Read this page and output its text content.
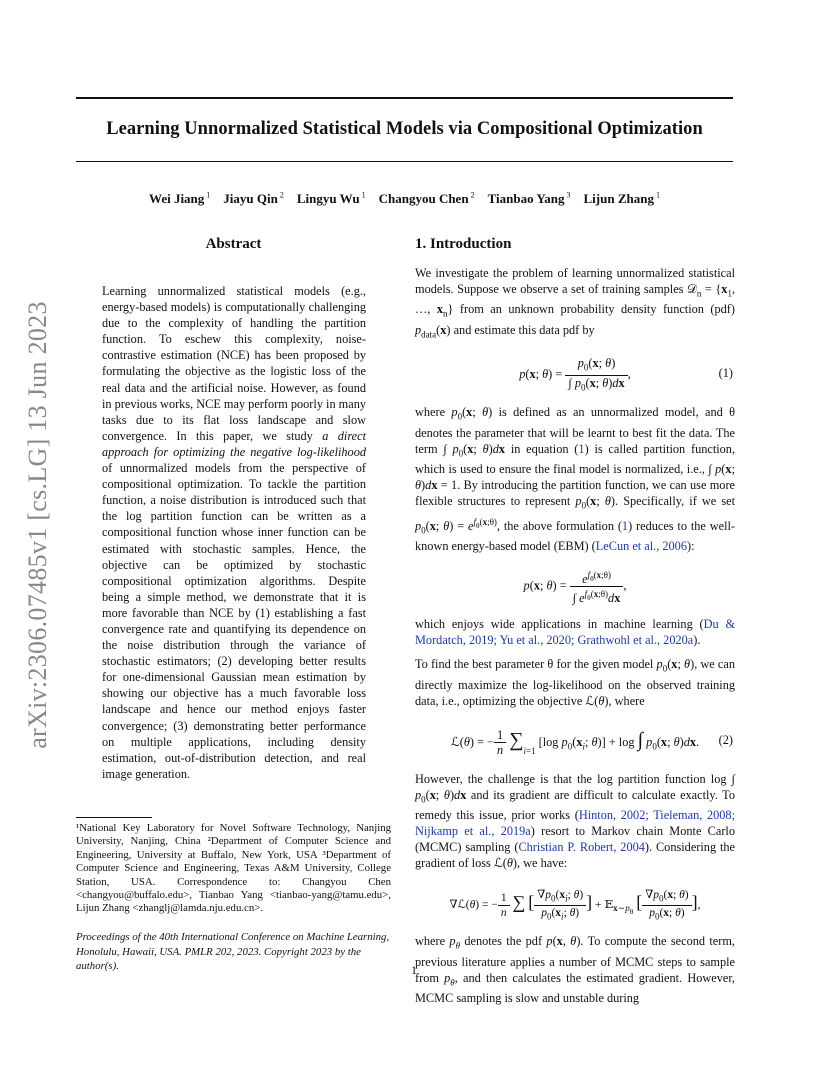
Learning Unnormalized Statistical Models via Compositional Optimization
Wei Jiang $^1$  Jiayu Qin $^2$  Lingyu Wu $^1$  Changyou Chen $^2$  Tianbao Yang $^3$  Lijun Zhang $^1$
arXiv:2306.07485v1 [cs.LG] 13 Jun 2023
Abstract

Learning unnormalized statistical models (e.g., energy-based models) is computationally challenging due to the complexity of handling the partition function. To eschew this complexity, noise-contrastive estimation (NCE) has been proposed by formulating the objective as the logistic loss of the real data and the artificial noise. However, as found in previous works, NCE may perform poorly in many tasks due to its flat loss landscape and slow convergence. In this paper, we study a direct approach for optimizing the negative log-likelihood of unnormalized models from the perspective of compositional optimization. To tackle the partition function, a noise distribution is introduced such that the log partition function can be written as a compositional function whose inner function can be estimated with stochastic samples. Hence, the objective can be optimized by stochastic compositional optimization algorithms. Despite being a simple method, we demonstrate that it is more favorable than NCE by (1) establishing a fast convergence rate and quantifying its dependence on the noise distribution through the variance of stochastic estimators; (2) developing better results for one-dimensional Gaussian mean estimation by showing our objective has a much favorable loss landscape and hence our method enjoys faster convergence; (3) demonstrating better performance on multiple applications, including density estimation, out-of-distribution detection, and real image generation.

¹National Key Laboratory for Novel Software Technology, Nanjing University, Nanjing, China ²Department of Computer Science and Engineering, University at Buffalo, New York, USA ³Department of Computer Science and Engineering, Texas A&M University, College Station, USA. Correspondence to: Changyou Chen <changyou@buffalo.edu>, Tianbao Yang <tianbao-yang@tamu.edu>, Lijun Zhang <zhanglj@lamda.nju.edu.cn>.
Proceedings of the 40th International Conference on Machine Learning, Honolulu, Hawaii, USA. PMLR 202, 2023. Copyright 2023 by the author(s).
1. Introduction

We investigate the problem of learning unnormalized statistical models. Suppose we observe a set of training samples 𝒟$_n$ = {$x_1$, …, $x_n$} from an unknown probability density function (pdf) $p_{data}(x)$ and estimate this data pdf by

p(x; $\theta) = \frac{p_0(x; \theta)}{\int p_0(x; \theta)dx}$ ,	(1)

where $p_0(x$; θ) is defined as an unnormalized model, and θ denotes the parameter that will be learnt to best fit the data. The term ∫ $p_0(x$; θ)dx in equation (1) is called partition function, which is used to ensure the final model is normalized, i.e., ∫ p(x; θ)dx = 1. By introducing the partition function, we can use more flexible structures to represent $p_0(x$; θ). Specifically, if we set $p_0(x$; $\theta) = e^{f_\theta(x;\theta)}$, the above formulation (1) reduces to the well-known energy-based model (EBM) (LeCun et al., 2006):

p(x; $\theta) = \frac{e^{f_\theta(x;\theta)}}{\int e^{f_\theta(x;\theta)}dx}$ ,

which enjoys wide applications in machine learning (Du & Mordatch, 2019; Yu et al., 2020; Grathwohl et al., 2020a).

To find the best parameter θ for the given model $p_0(x$; θ), we can directly maximize the log-likelihood on the observed training data, i.e., optimizing the objective ℒ(θ), where

ℒ(θ) = − $\frac{1}{n} \sum_{i=1}$ [log $p_0(x_i$; θ)] + log ∫ $p_0(x$; θ)dx. (2)

However, the challenge is that the log partition function log ∫ $p_0(x$; θ)dx and its gradient are difficult to calculate exactly. To remedy this issue, prior works (Hinton, 2002; Tieleman, 2008; Nijkamp et al., 2019a) resort to Markov chain Monte Carlo (MCMC) sampling (Christian P. Robert, 2004). Considering the gradient of loss ℒ(θ), we have:

∇ℒ(θ) = − $\frac{1}{n}$ ∑ [ $\frac{\nabla p_0(x_i; \theta)}{p_0(x_i; \theta)}$ ] + 𝔼$_{x\sim p_\theta}$ [ $\frac{\nabla p_0(x; \theta)}{p_0(x; \theta)}$ ],

where $p_\theta$ denotes the pdf p(x, θ). To compute the second term, previous literature applies a number of MCMC steps to sample from $p_\theta$, and then calculates the estimated gradient. However, MCMC sampling is slow and unstable during

1
